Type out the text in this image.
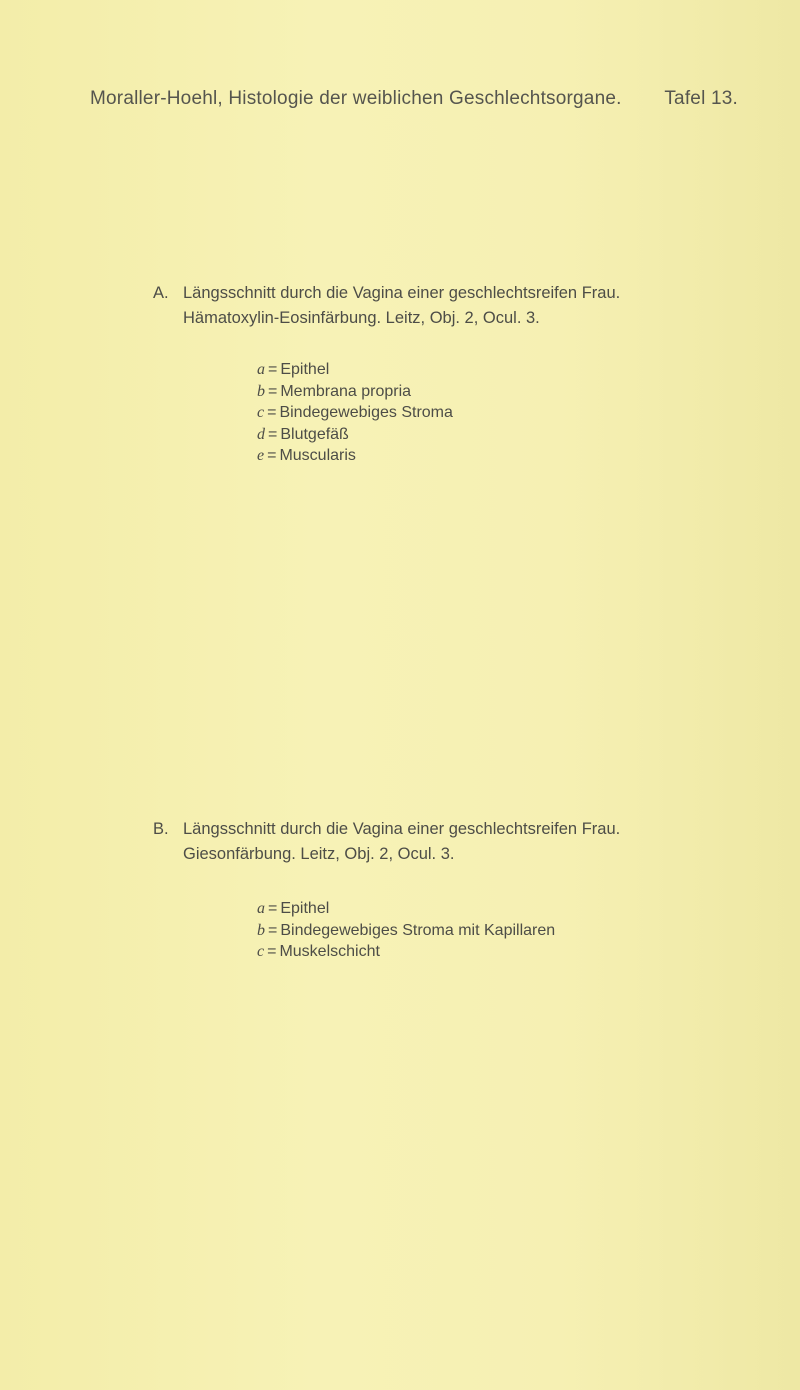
Moraller-Hoehl, Histologie der weiblichen Geschlechtsorgane. Tafel 13.
A. Längsschnitt durch die Vagina einer geschlechtsreifen Frau.
Hämatoxylin-Eosinfärbung. Leitz, Obj. 2, Ocul. 3.
a = Epithel
b = Membrana propria
c = Bindegewebiges Stroma
d = Blutgefäß
e = Muscularis
B. Längsschnitt durch die Vagina einer geschlechtsreifen Frau.
Giesonfärbung. Leitz, Obj. 2, Ocul. 3.
a = Epithel
b = Bindegewebiges Stroma mit Kapillaren
c = Muskelschicht
